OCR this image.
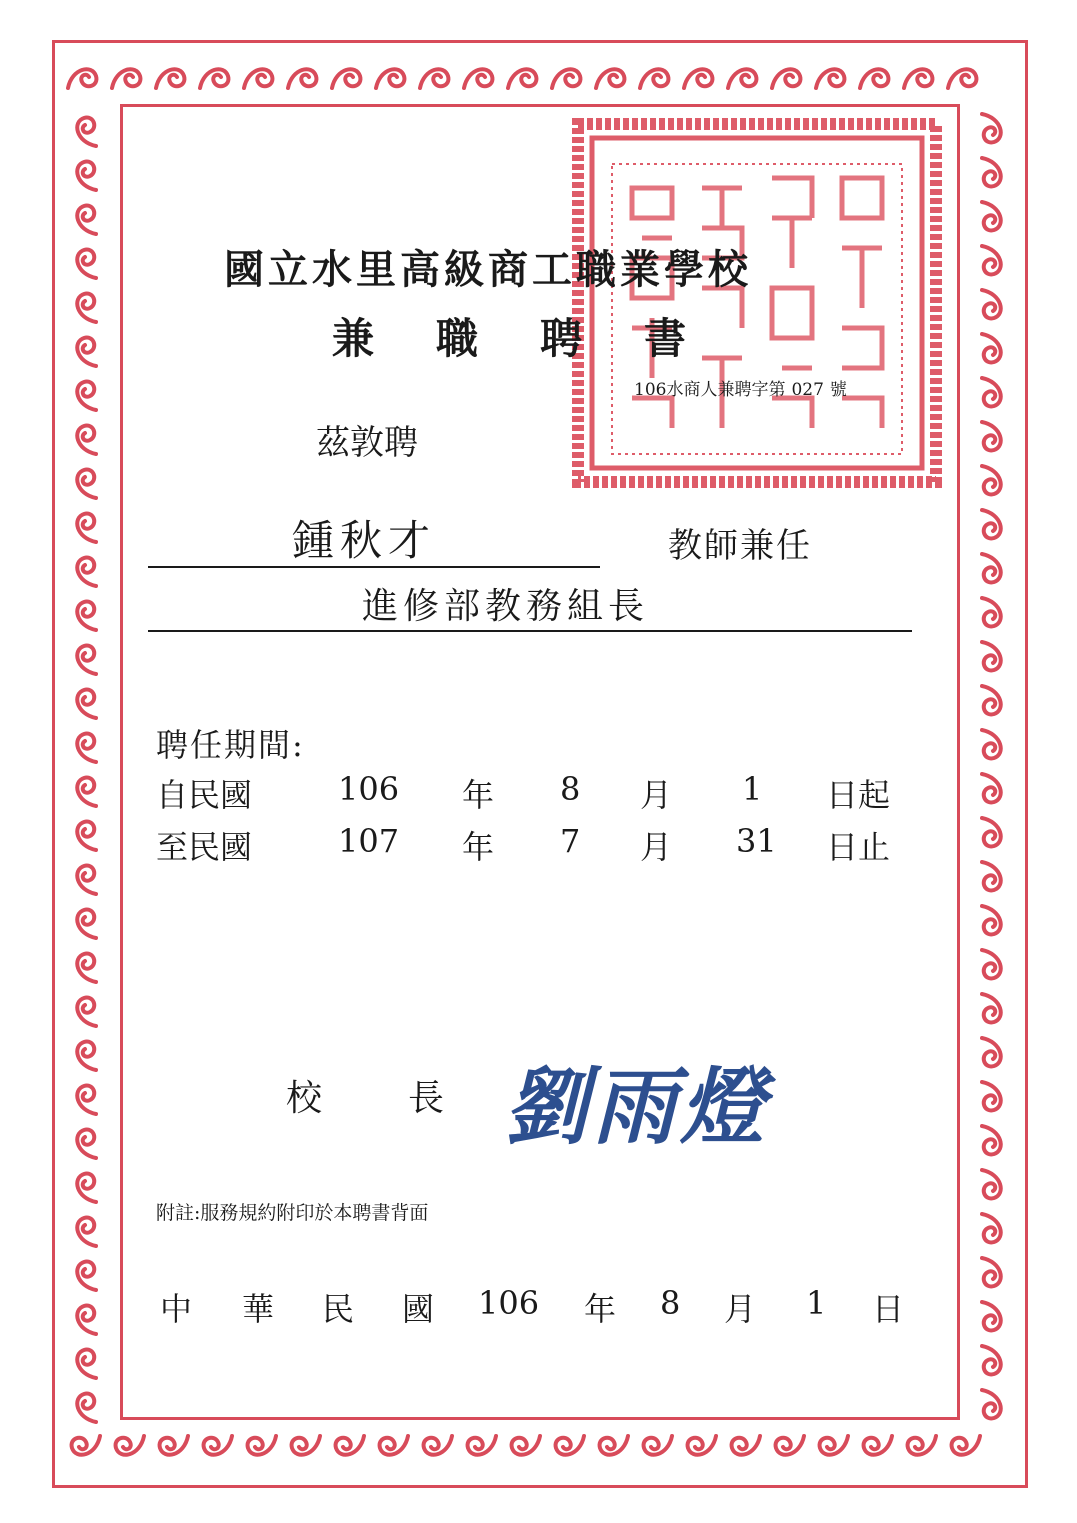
國立水里高級商工職業學校
兼 職 聘 書
106水商人兼聘字第 027 號
茲敦聘
鍾秋才	教師兼任
進修部教務組長
聘任期間:
自民國	106 年 8 月 1 日起
至民國	107 年 7 月 31 日止
校 長 劉雨燈
附註:服務規約附印於本聘書背面
中 華 民 國 106 年 8 月 1 日
